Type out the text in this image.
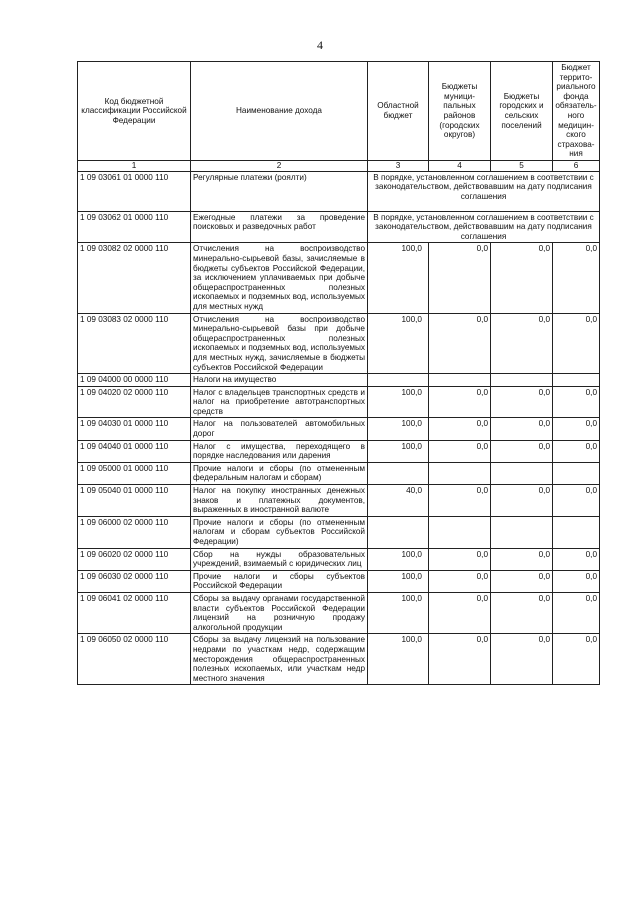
4
Код бюджетной классификации Российской Федерации	Наименование дохода	Областной бюджет	Бюджеты муници-пальных районов (городских округов)	Бюджеты городских и сельских поселений	Бюджет террито-риального фонда обязатель-ного медицин-ского страхова-ния
1	2	3	4	5	6
1 09 03061 01 0000 110	Регулярные платежи (роялти)	В порядке, установленном соглашением в соответствии с законодательством, действовавшим на дату подписания соглашения			
1 09 03062 01 0000 110	Ежегодные платежи за проведение поисковых и разведочных работ	В порядке, установленном соглашением в соответствии с законодательством, действовавшим на дату подписания соглашения			
1 09 03082 02 0000 110	Отчисления на воспроизводство минерально-сырьевой базы, зачисляемые в бюджеты субъектов Российской Федерации, за исключением уплачиваемых при добыче общераспространенных полезных ископаемых и подземных вод, используемых для местных нужд	100,0	0,0	0,0	0,0
1 09 03083 02 0000 110	Отчисления на воспроизводство минерально-сырьевой базы при добыче общераспространенных полезных ископаемых и подземных вод, используемых для местных нужд, зачисляемые в бюджеты субъектов Российской Федерации	100,0	0,0	0,0	0,0
1 09 04000 00 0000 110	Налоги на имущество				
1 09 04020 02 0000 110	Налог с владельцев транспортных средств и налог на приобретение автотранспортных средств	100,0	0,0	0,0	0,0
1 09 04030 01 0000 110	Налог на пользователей автомобильных дорог	100,0	0,0	0,0	0,0
1 09 04040 01 0000 110	Налог с имущества, переходящего в порядке наследования или дарения	100,0	0,0	0,0	0,0
1 09 05000 01 0000 110	Прочие налоги и сборы (по отмененным федеральным налогам и сборам)				
1 09 05040 01 0000 110	Налог на покупку иностранных денежных знаков и платежных документов, выраженных в иностранной валюте	40,0	0,0	0,0	0,0
1 09 06000 02 0000 110	Прочие налоги и сборы (по отмененным налогам и сборам субъектов Российской Федерации)				
1 09 06020 02 0000 110	Сбор на нужды образовательных учреждений, взимаемый с юридических лиц	100,0	0,0	0,0	0,0
1 09 06030 02 0000 110	Прочие налоги и сборы субъектов Российской Федерации	100,0	0,0	0,0	0,0
1 09 06041 02 0000 110	Сборы за выдачу органами государственной власти субъектов Российской Федерации лицензий на розничную продажу алкогольной продукции	100,0	0,0	0,0	0,0
1 09 06050 02 0000 110	Сборы за выдачу лицензий на пользование недрами по участкам недр, содержащим месторождения общераспространенных полезных ископаемых, или участкам недр местного значения	100,0	0,0	0,0	0,0
